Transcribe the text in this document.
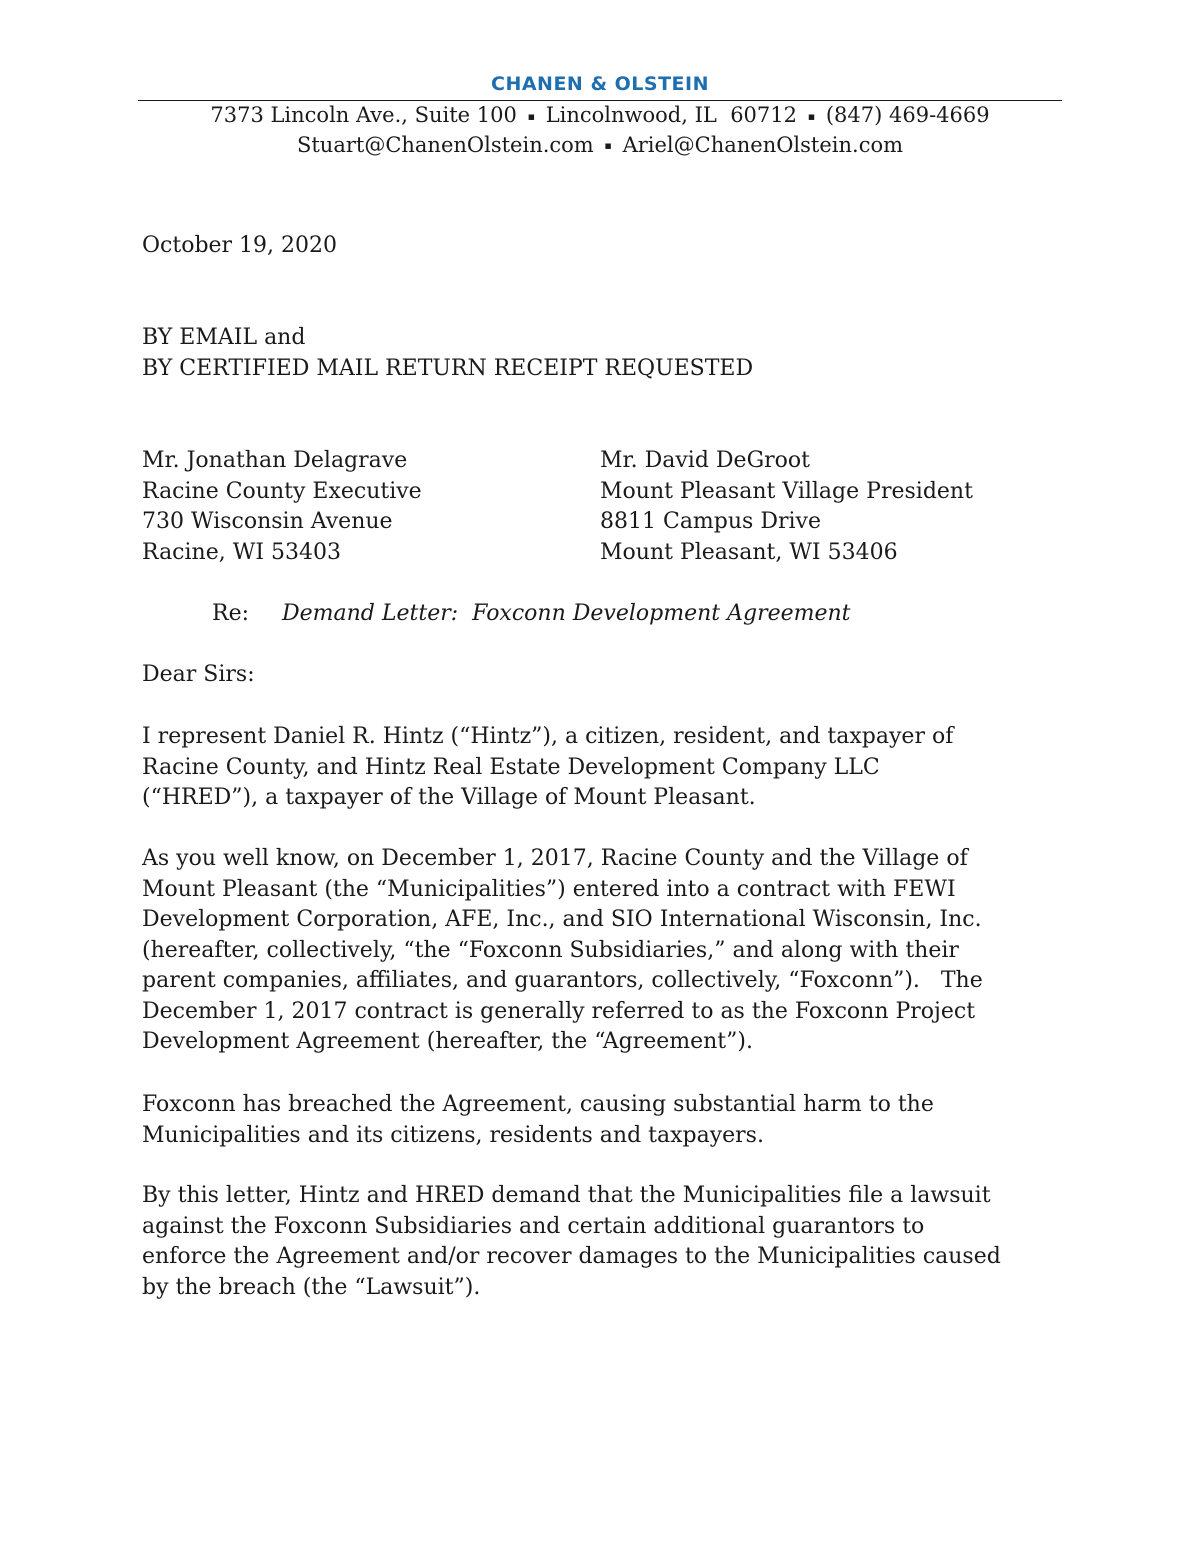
CHANEN & OLSTEIN
7373 Lincoln Ave., Suite 100 ▪ Lincolnwood, IL  60712 ▪ (847) 469-4669
Stuart@ChanenOlstein.com ▪ Ariel@ChanenOlstein.com
October 19, 2020
BY EMAIL and
BY CERTIFIED MAIL RETURN RECEIPT REQUESTED
Mr. Jonathan Delagrave
Racine County Executive
730 Wisconsin Avenue
Racine, WI 53403
Mr. David DeGroot
Mount Pleasant Village President
8811 Campus Drive
Mount Pleasant, WI 53406
Re: Demand Letter:  Foxconn Development Agreement
Dear Sirs:
I represent Daniel R. Hintz (“Hintz”), a citizen, resident, and taxpayer of
Racine County, and Hintz Real Estate Development Company LLC
(“HRED”), a taxpayer of the Village of Mount Pleasant.
As you well know, on December 1, 2017, Racine County and the Village of
Mount Pleasant (the “Municipalities”) entered into a contract with FEWI
Development Corporation, AFE, Inc., and SIO International Wisconsin, Inc.
(hereafter, collectively, “the “Foxconn Subsidiaries,” and along with their
parent companies, affiliates, and guarantors, collectively, “Foxconn”).   The
December 1, 2017 contract is generally referred to as the Foxconn Project
Development Agreement (hereafter, the “Agreement”).
Foxconn has breached the Agreement, causing substantial harm to the
Municipalities and its citizens, residents and taxpayers.
By this letter, Hintz and HRED demand that the Municipalities file a lawsuit
against the Foxconn Subsidiaries and certain additional guarantors to
enforce the Agreement and/or recover damages to the Municipalities caused
by the breach (the “Lawsuit”).
